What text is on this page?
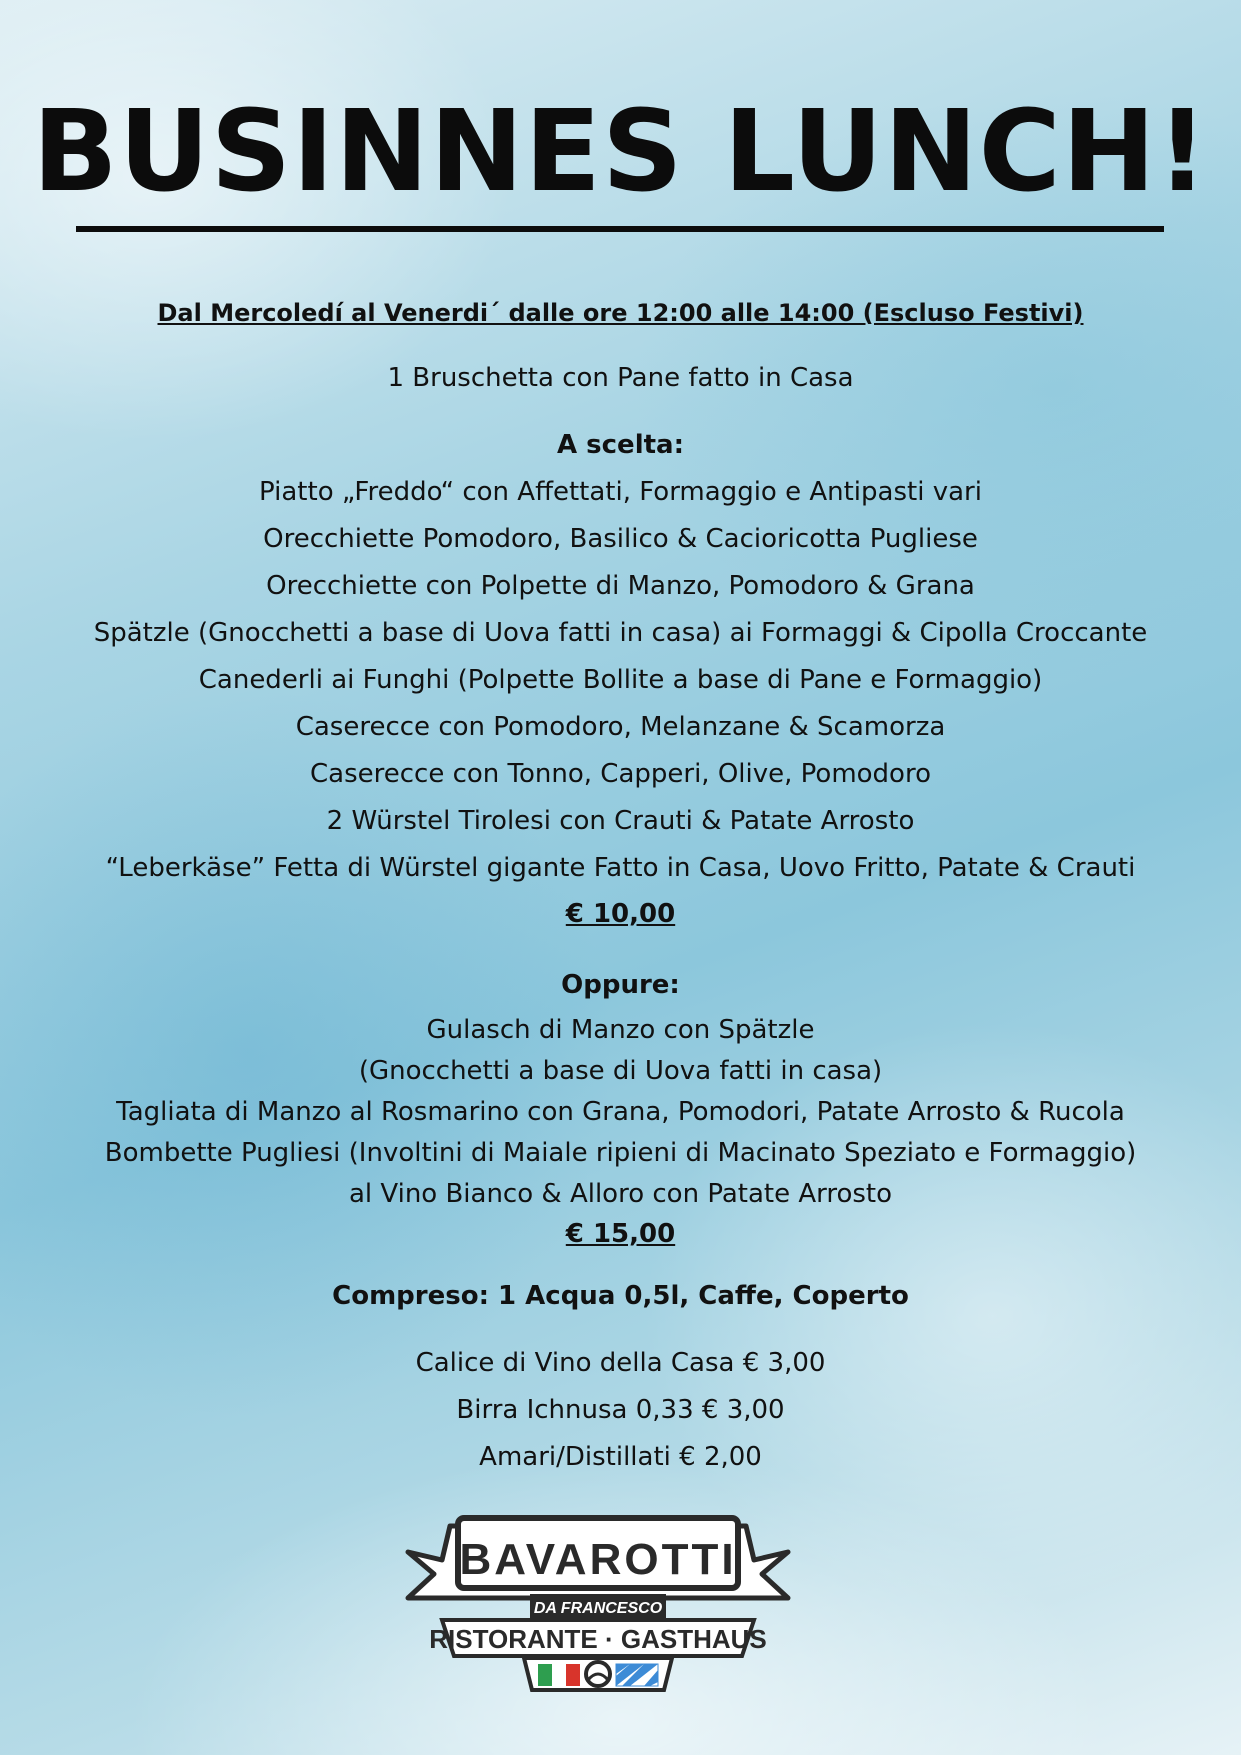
BUSINNES LUNCH!
Dal Mercoledí al Venerdi´ dalle ore 12:00 alle 14:00 (Escluso Festivi)
1 Bruschetta con Pane fatto in Casa
A scelta:
Piatto „Freddo“ con Affettati, Formaggio e Antipasti vari
Orecchiette Pomodoro, Basilico & Cacioricotta Pugliese
Orecchiette con Polpette di Manzo, Pomodoro & Grana
Spätzle (Gnocchetti a base di Uova fatti in casa) ai Formaggi & Cipolla Croccante
Canederli ai Funghi (Polpette Bollite a base di Pane e Formaggio)
Caserecce con Pomodoro, Melanzane & Scamorza
Caserecce con Tonno, Capperi, Olive, Pomodoro
2 Würstel Tirolesi con Crauti & Patate Arrosto
“Leberkäse” Fetta di Würstel gigante Fatto in Casa, Uovo Fritto, Patate & Crauti
€ 10,00
Oppure:
Gulasch di Manzo con Spätzle
(Gnocchetti a base di Uova fatti in casa)
Tagliata di Manzo al Rosmarino con Grana, Pomodori, Patate Arrosto & Rucola
Bombette Pugliesi (Involtini di Maiale ripieni di Macinato Speziato e Formaggio)
al Vino Bianco & Alloro con Patate Arrosto
€ 15,00
Compreso: 1 Acqua 0,5l, Caffe, Coperto
Calice di Vino della Casa € 3,00
Birra Ichnusa 0,33 € 3,00
Amari/Distillati € 2,00
BAVAROTTI
DA FRANCESCO
RISTORANTE · GASTHAUS
